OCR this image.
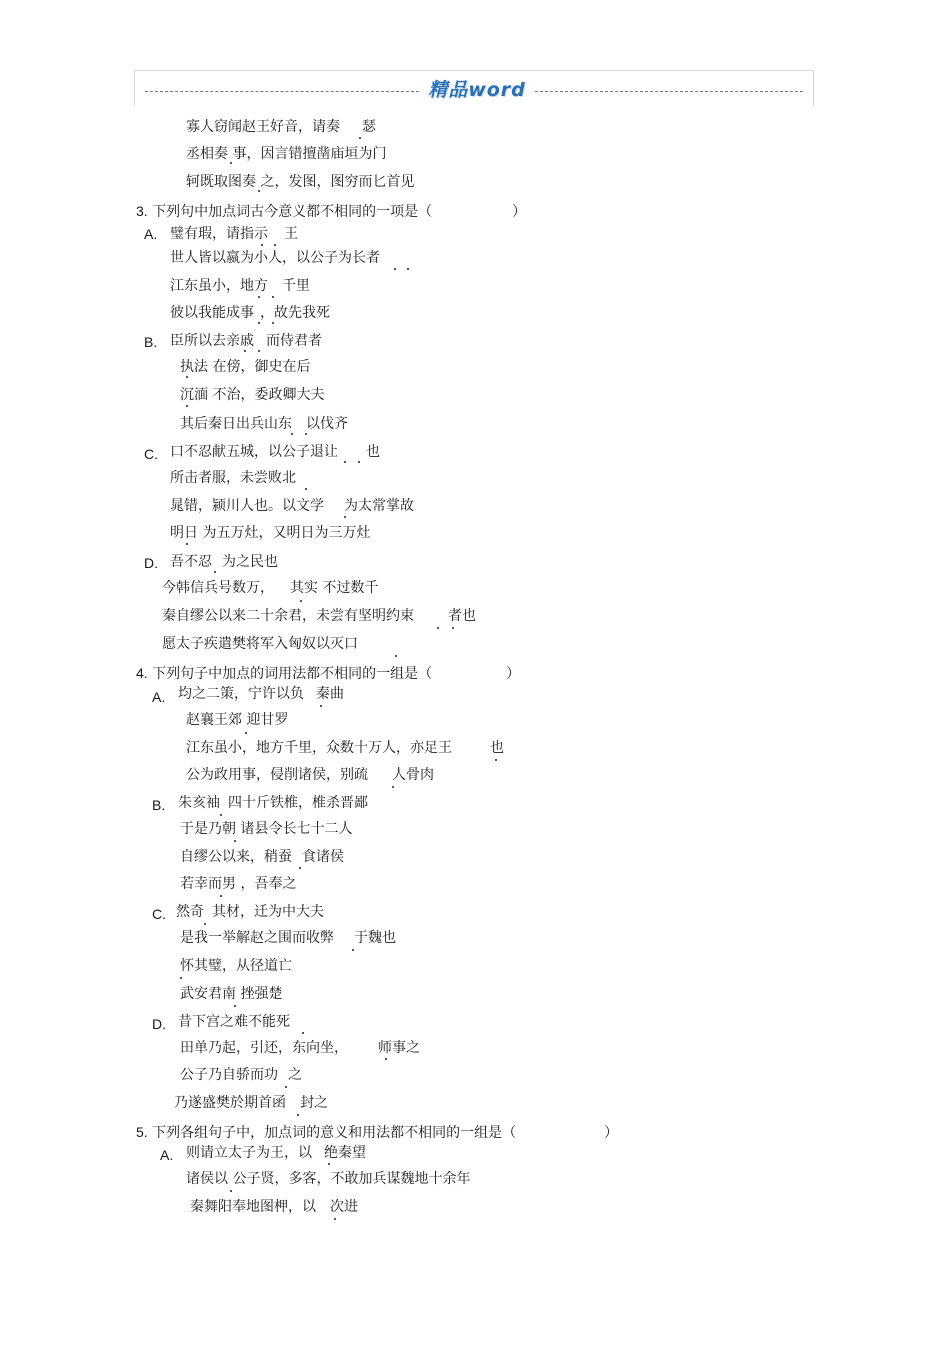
精品word
寡人窃闻赵王好音，请奏 瑟
丞相奏 事，因言错擅凿庙垣为门
轲既取图奏 之，发图，图穷而匕首见
3. 下列句中加点词古今意义都不相同的一项是（	）
A. 璧有瑕，请指示 王
世人皆以嬴为小人，以公子为长者
江东虽小，地方 千里
彼以我能成事 ，故先我死
B. 臣所以去亲戚 而侍君者
执法 在傍，御史在后
沉湎 不治，委政卿大夫
其后秦日出兵山东 以伐齐
C. 口不忍献五城，以公子退让 也
所击者服，未尝败北
晁错，颍川人也。以文学 为太常掌故
明日 为五万灶，又明日为三万灶
D. 吾不忍 为之民也
今韩信兵号数万， 其实 不过数千
秦自缪公以来二十余君，未尝有坚明约束 者也
愿太子疾遣樊将军入匈奴以灭口
4. 下列句子中加点的词用法都不相同的一组是（	）
A. 均之二策，宁许以负 秦曲
赵襄王郊 迎甘罗
江东虽小，地方千里，众数十万人，亦足王	也
公为政用事，侵削诸侯，别疏 人骨肉
B. 朱亥袖 四十斤铁椎，椎杀晋鄙
于是乃朝 诸县令长七十二人
自缪公以来，稍蚕 食诸侯
若幸而男 ，吾奉之
C. 然奇 其材，迁为中大夫
是我一举解赵之围而收弊 于魏也
怀其璧，从径道亡
武安君南 挫强楚
D. 昔下宫之难不能死
田单乃起，引还，东向坐， 师事之
公子乃自骄而功 之
乃遂盛樊於期首函 封之
5. 下列各组句子中，加点词的意义和用法都不相同的一组是（	）
A. 则请立太子为王，以 绝秦望
诸侯以 公子贤，多客，不敢加兵谋魏地十余年
秦舞阳奉地图柙，以 次进
